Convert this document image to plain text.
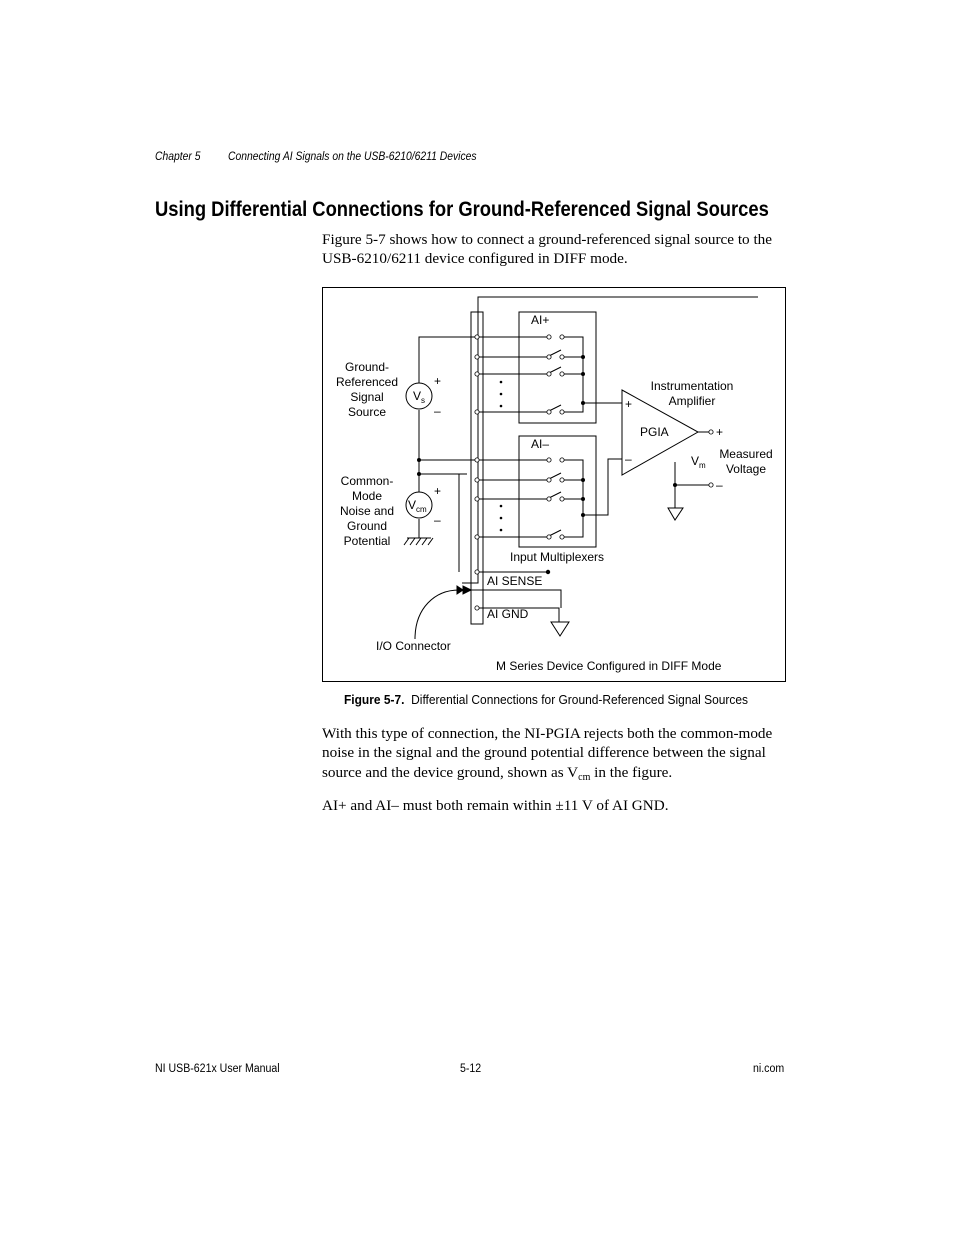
Chapter 5 Connecting AI Signals on the USB-6210/6211 Devices
Using Differential Connections for Ground-Referenced Signal Sources

Figure 5-7 shows how to connect a ground-referenced signal source to the USB-6210/6211 device configured in DIFF mode.

Ground-
Referenced
Signal
Source
$V_s$
+
–
Common-
Mode
Noise and
Ground
Potential
$V_{cm}$
+
–
AI+
AI–
Instrumentation
Amplifier
PGIA
+
–
+
–
$V_m$
Measured
Voltage
Input Multiplexers
AI SENSE
AI GND
I/O Connector
M Series Device Configured in DIFF Mode
Figure 5-7. Differential Connections for Ground-Referenced Signal Sources

With this type of connection, the NI-PGIA rejects both the common-mode noise in the signal and the ground potential difference between the signal source and the device ground, shown as $V_{cm}$ in the figure.

AI+ and AI– must both remain within ±11 V of AI GND.

NI USB-621x User Manual	5-12	ni.com
